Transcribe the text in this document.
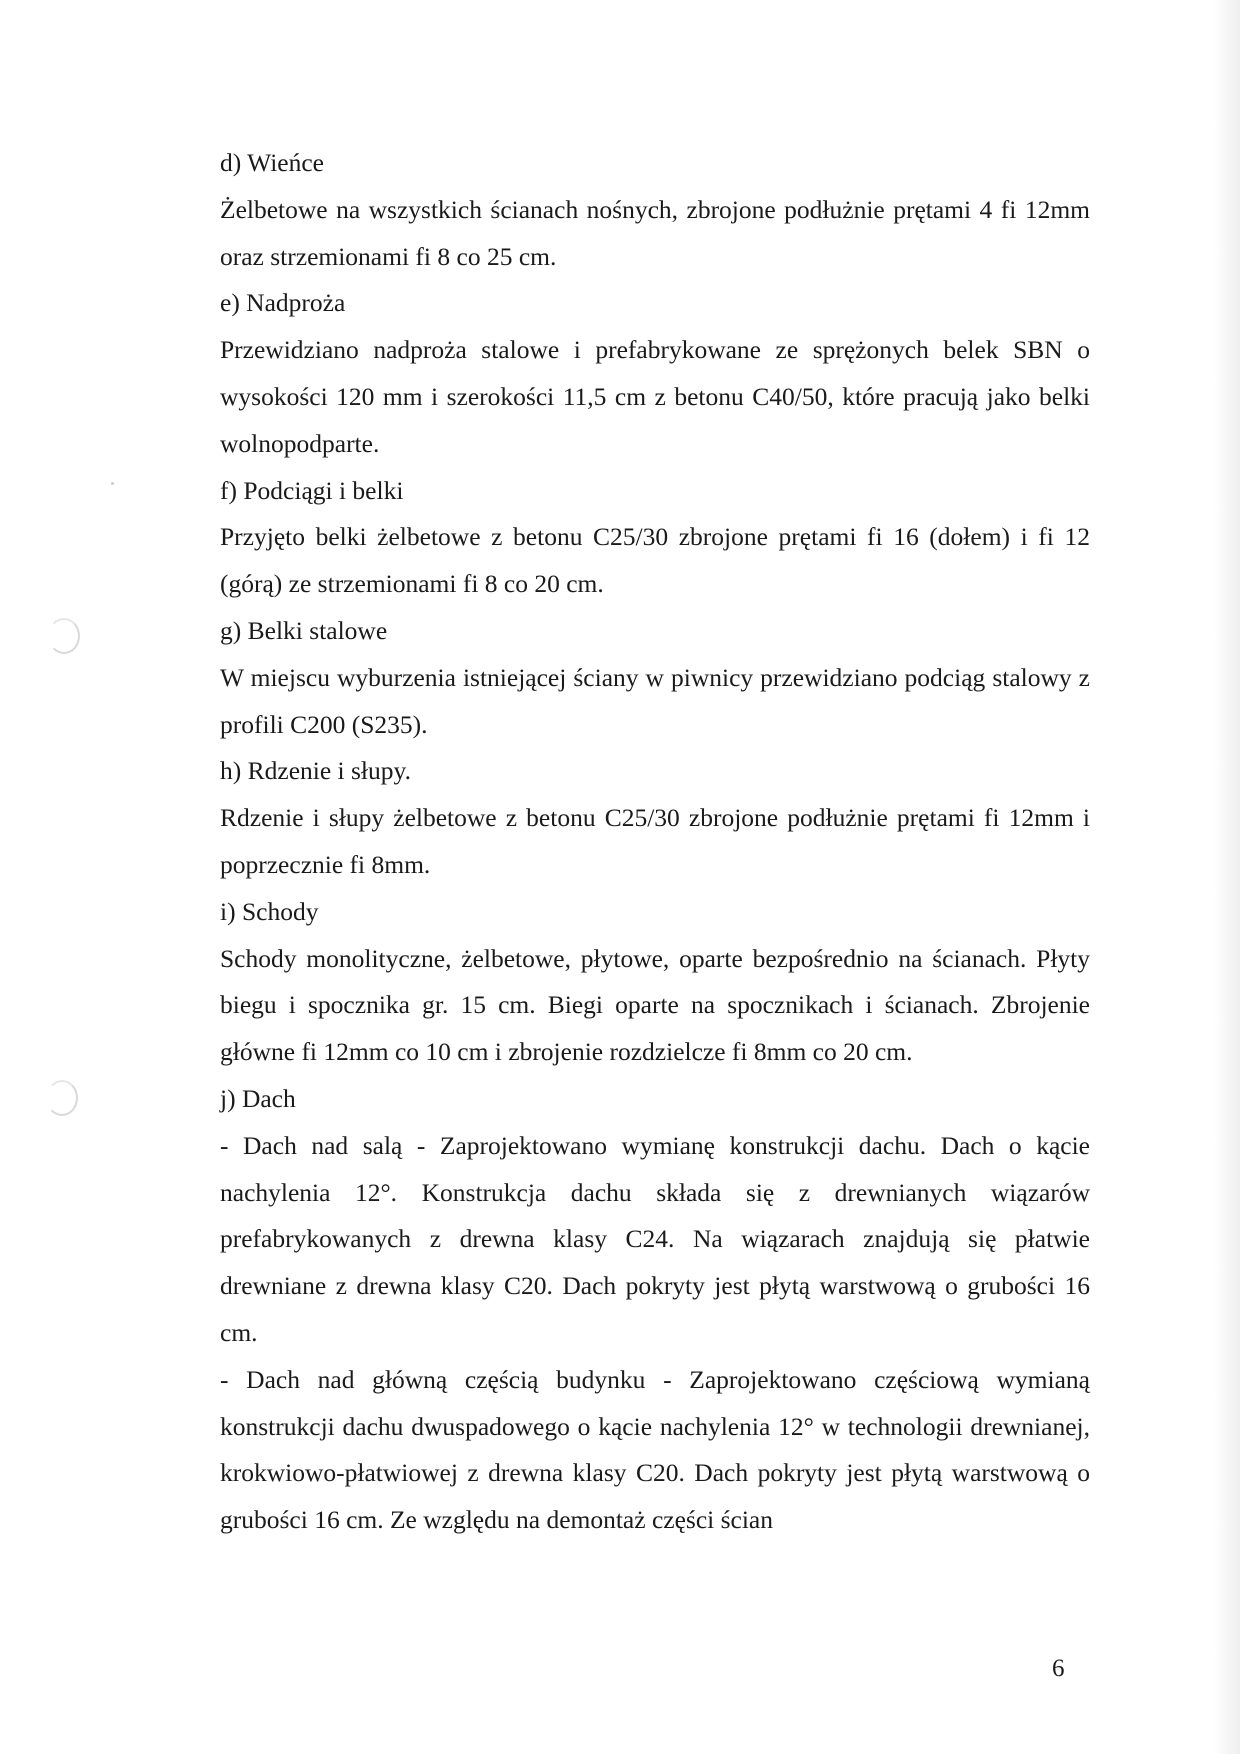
d) Wieńce
Żelbetowe na wszystkich ścianach nośnych, zbrojone podłużnie prętami 4 fi 12mm oraz strzemionami fi 8 co 25 cm.
e) Nadproża
Przewidziano nadproża stalowe i prefabrykowane ze sprężonych belek SBN o wysokości 120 mm i szerokości 11,5 cm z betonu C40/50, które pracują jako belki wolnopodparte.
f) Podciągi i belki
Przyjęto belki żelbetowe z betonu C25/30 zbrojone prętami fi 16 (dołem) i fi 12 (górą) ze strzemionami fi 8 co 20 cm.
g) Belki stalowe
W miejscu wyburzenia istniejącej ściany w piwnicy przewidziano podciąg stalowy z profili C200 (S235).
h) Rdzenie i słupy.
Rdzenie i słupy żelbetowe z betonu C25/30 zbrojone podłużnie prętami fi 12mm i poprzecznie fi 8mm.
i) Schody
Schody monolityczne, żelbetowe, płytowe, oparte bezpośrednio na ścianach. Płyty biegu i spocznika gr. 15 cm. Biegi oparte na spocznikach i ścianach. Zbrojenie główne fi 12mm co 10 cm i zbrojenie rozdzielcze fi 8mm co 20 cm.
j) Dach
- Dach nad salą - Zaprojektowano wymianę konstrukcji dachu. Dach o kącie nachylenia 12°. Konstrukcja dachu składa się z drewnianych wiązarów prefabrykowanych z drewna klasy C24. Na wiązarach znajdują się płatwie drewniane z drewna klasy C20. Dach pokryty jest płytą warstwową o grubości 16 cm.
- Dach nad główną częścią budynku - Zaprojektowano częściową wymianą konstrukcji dachu dwuspadowego o kącie nachylenia 12° w technologii drewnianej, krokwiowo-płatwiowej z drewna klasy C20. Dach pokryty jest płytą warstwową o grubości 16 cm. Ze względu na demontaż części ścian
6
